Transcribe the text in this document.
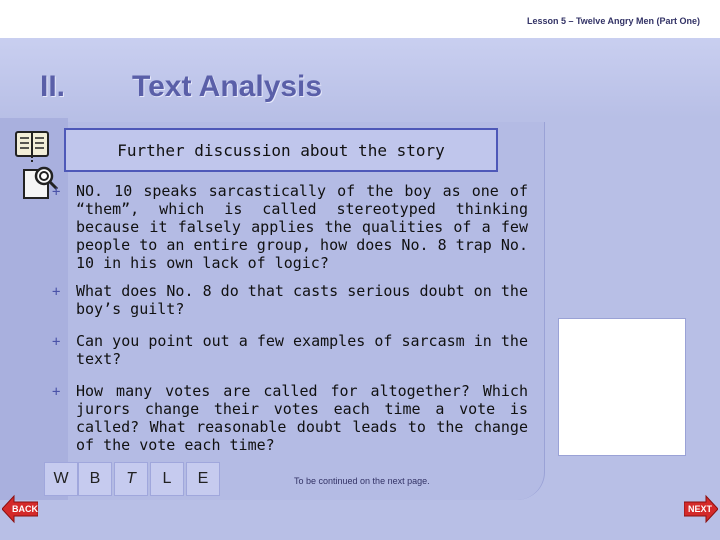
Lesson 5 – Twelve Angry Men (Part One)
II. Text Analysis
Further discussion about the story
+	NO. 10 speaks sarcastically of the boy as one of “them”, which is called stereotyped thinking because it falsely applies the qualities of a few people to an entire group, how does No. 8 trap No. 10 in his own lack of logic?
+	What does No. 8 do that casts serious doubt on the boy’s guilt?
+	Can you point out a few examples of sarcasm in the text?
+	How many votes are called for altogether? Which jurors change their votes each time a vote is called? What reasonable doubt leads to the change of the vote each time?
W	B	T	L	E	To be continued on the next page.
BACK	NEXT
